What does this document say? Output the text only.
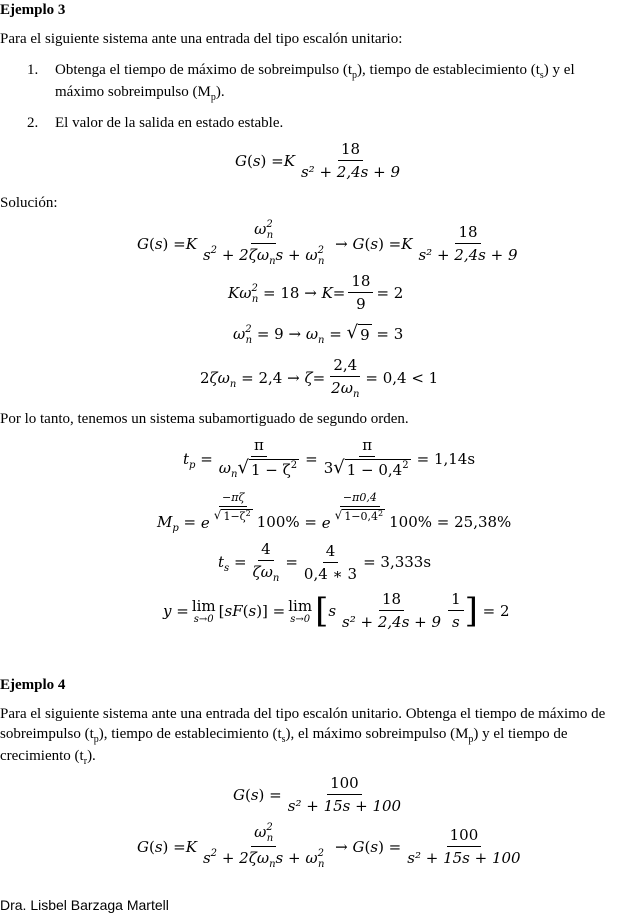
Ejemplo 3
Para el siguiente sistema ante una entrada del tipo escalón unitario:
1. Obtenga el tiempo de máximo de sobreimpulso $(t_p)$, tiempo de establecimiento $(t_s)$ y el
máximo sobreimpulso $(M_p)$.
2. El valor de la salida en estado estable.
G ( s ) = K $\frac{18}{\text{s² + 2,4s + 9}}$
Solución:
G ( s ) = K $\frac{\omega^2_n}{s^2 + 2\zeta\omega_ns + \omega^2_n} \to G$ ( s ) = K $\frac{18}{\text{s² + 2,4s + 9}}$
$K\omega^2_n = 18 \to K = \frac{18}{9} = 2$
$\omega^2_n = 9 \to \omega_n$ = √ 9
= 3
2 $\zeta\omega_n = 2,4 \to \zeta = \frac{2,4}{2\omega_n} = 0,4 < 1$
Por lo tanto, tenemos un sistema subamortiguado de segundo orden.
$t_p = \frac{\pi}{\omega_n √ 1 - \zeta^2} = \frac{\pi}{3 √ 1 - 0,4^2} = 1,14s$
$M_p$
=
e $\frac{-\pi\zeta}{√ 1-\zeta^2} 100\%$
=
e $\frac{-\pi 0,4}{√ 1-0,4^2} 100\% = 25,38\%$
$t_s = \frac{4}{\zeta\omega_n} = \frac{4}{0,4 ∗ 3} = 3,333s$
y = lim
s→0 [ sF ( s )] = lim
s→0 [ s $\frac{18}{\text{s² + 2,4s + 9}} \frac{1}{s}$ ]
= 2
Ejemplo 4
Para el siguiente sistema ante una entrada del tipo escalón unitario. Obtenga el tiempo de máximo de
sobreimpulso $(t_p)$, tiempo de establecimiento $(t_s)$, el máximo sobreimpulso $(M_p)$ y el tiempo de
crecimiento $(t_r)$.
G ( s ) = $\frac{100}{\text{s² + 15s + 100}}$
G ( s ) = K $\frac{\omega^2_n}{s^2 + 2\zeta\omega_ns + \omega^2_n} \to G$ ( s ) = $\frac{100}{\text{s² + 15s + 100}}$
Dra. Lisbel Barzaga Martell
